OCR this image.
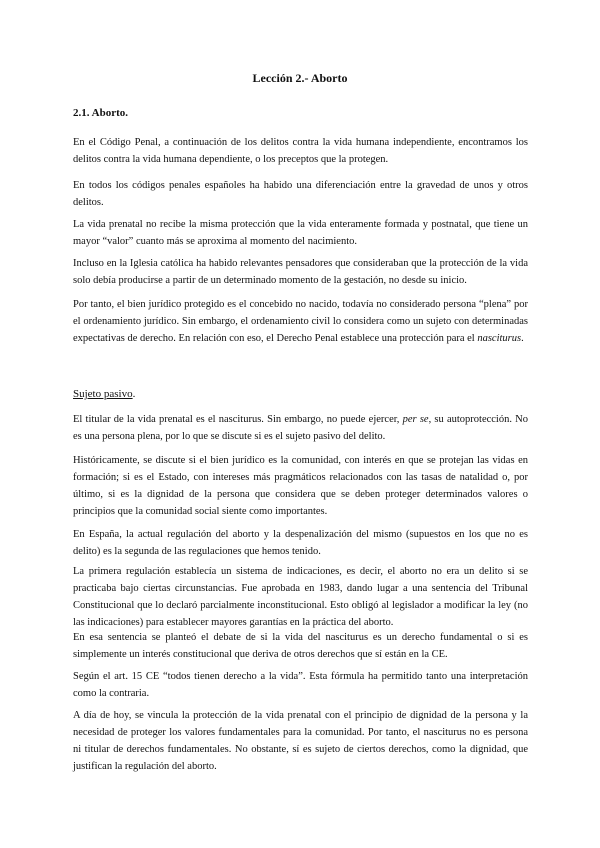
Lección 2.- Aborto
2.1. Aborto.

En el Código Penal, a continuación de los delitos contra la vida humana independiente, encontramos los delitos contra la vida humana dependiente, o los preceptos que la protegen.

En todos los códigos penales españoles ha habido una diferenciación entre la gravedad de unos y otros delitos.

La vida prenatal no recibe la misma protección que la vida enteramente formada y postnatal, que tiene un mayor “valor” cuanto más se aproxima al momento del nacimiento.

Incluso en la Iglesia católica ha habido relevantes pensadores que consideraban que la protección de la vida solo debía producirse a partir de un determinado momento de la gestación, no desde su inicio.

Por tanto, el bien jurídico protegido es el concebido no nacido, todavía no considerado persona “plena” por el ordenamiento jurídico. Sin embargo, el ordenamiento civil lo considera como un sujeto con determinadas expectativas de derecho. En relación con eso, el Derecho Penal establece una protección para el nasciturus.

Sujeto pasivo.

El titular de la vida prenatal es el nasciturus. Sin embargo, no puede ejercer, per se, su autoprotección. No es una persona plena, por lo que se discute si es el sujeto pasivo del delito.

Históricamente, se discute si el bien jurídico es la comunidad, con interés en que se protejan las vidas en formación; si es el Estado, con intereses más pragmáticos relacionados con las tasas de natalidad o, por último, si es la dignidad de la persona que considera que se deben proteger determinados valores o principios que la comunidad social siente como importantes.

En España, la actual regulación del aborto y la despenalización del mismo (supuestos en los que no es delito) es la segunda de las regulaciones que hemos tenido.

La primera regulación establecía un sistema de indicaciones, es decir, el aborto no era un delito si se practicaba bajo ciertas circunstancias. Fue aprobada en 1983, dando lugar a una sentencia del Tribunal Constitucional que lo declaró parcialmente inconstitucional. Esto obligó al legislador a modificar la ley (no las indicaciones) para establecer mayores garantías en la práctica del aborto.

En esa sentencia se planteó el debate de si la vida del nasciturus es un derecho fundamental o si es simplemente un interés constitucional que deriva de otros derechos que sí están en la CE.

Según el art. 15 CE “todos tienen derecho a la vida”. Esta fórmula ha permitido tanto una interpretación como la contraria.

A día de hoy, se vincula la protección de la vida prenatal con el principio de dignidad de la persona y la necesidad de proteger los valores fundamentales para la comunidad. Por tanto, el nasciturus no es persona ni titular de derechos fundamentales. No obstante, sí es sujeto de ciertos derechos, como la dignidad, que justifican la regulación del aborto.
